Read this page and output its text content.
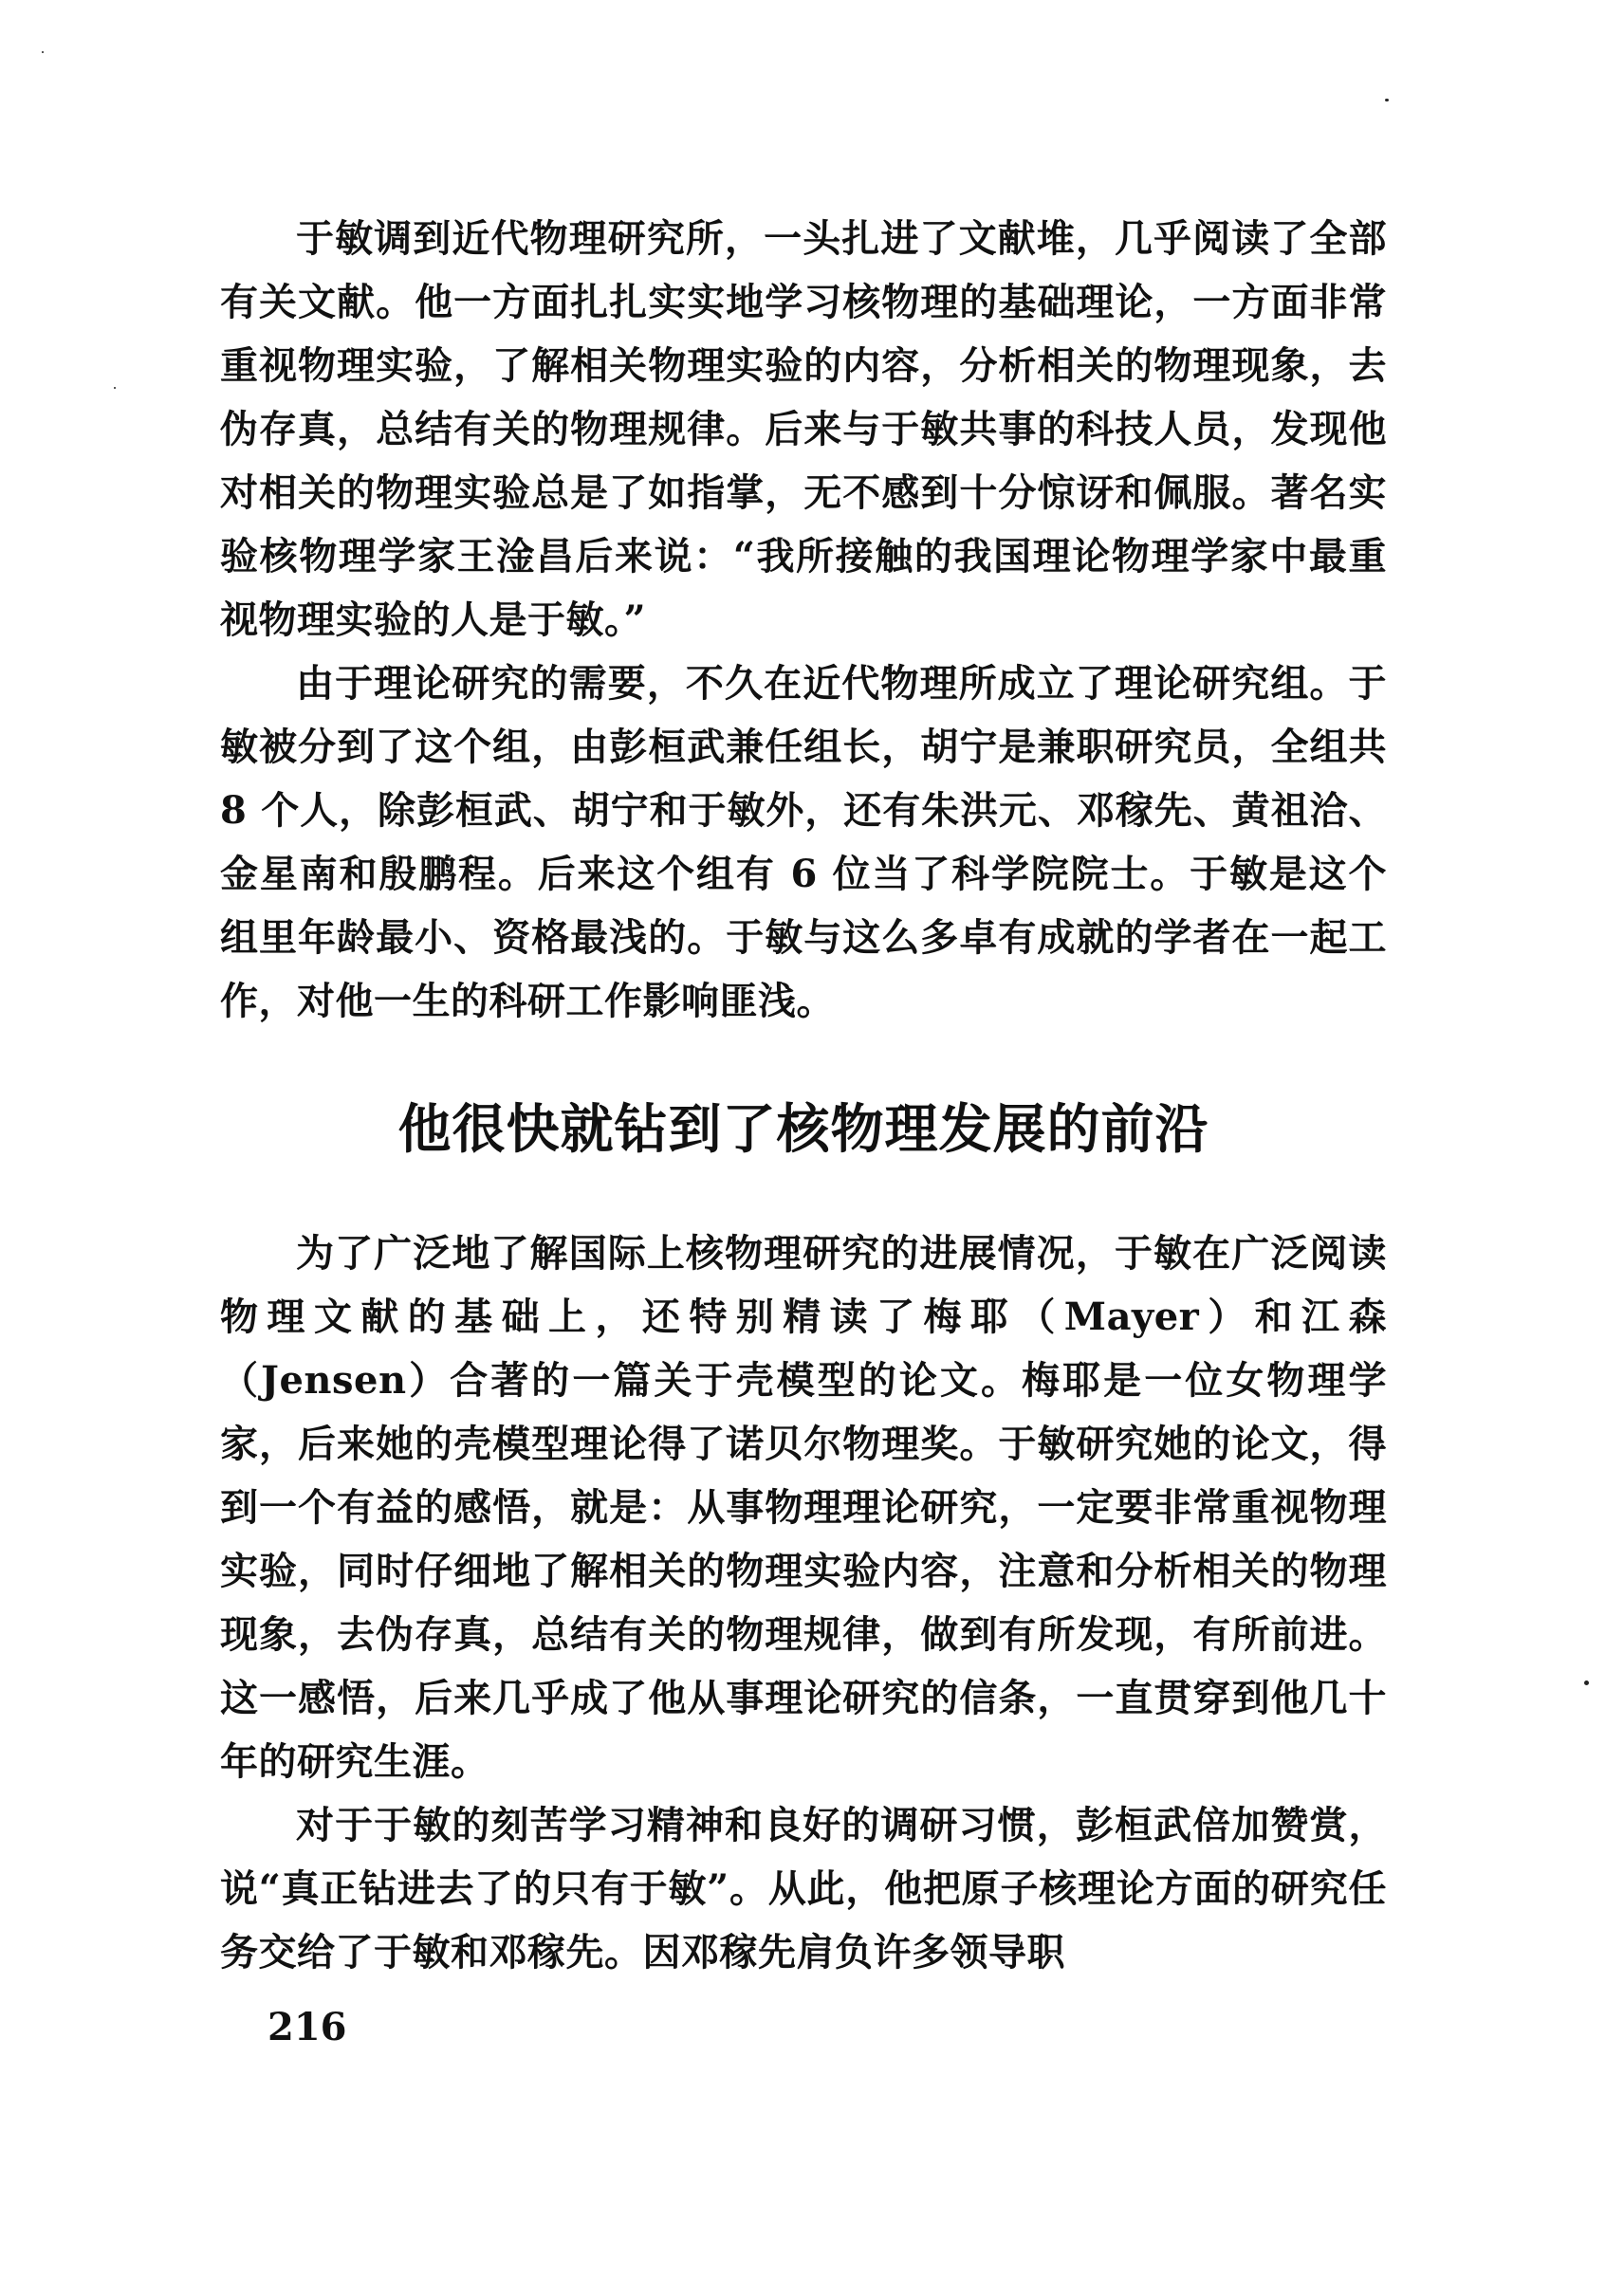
于敏调到近代物理研究所，一头扎进了文献堆，几乎阅读了全部有关文献。他一方面扎扎实实地学习核物理的基础理论，一方面非常重视物理实验，了解相关物理实验的内容，分析相关的物理现象，去伪存真，总结有关的物理规律。后来与于敏共事的科技人员，发现他对相关的物理实验总是了如指掌，无不感到十分惊讶和佩服。著名实验核物理学家王淦昌后来说：“我所接触的我国理论物理学家中最重视物理实验的人是于敏。”

由于理论研究的需要，不久在近代物理所成立了理论研究组。于敏被分到了这个组，由彭桓武兼任组长，胡宁是兼职研究员，全组共 8 个人，除彭桓武、胡宁和于敏外，还有朱洪元、邓稼先、黄祖洽、金星南和殷鹏程。后来这个组有 6 位当了科学院院士。于敏是这个组里年龄最小、资格最浅的。于敏与这么多卓有成就的学者在一起工作，对他一生的科研工作影响匪浅。

他很快就钻到了核物理发展的前沿

为了广泛地了解国际上核物理研究的进展情况，于敏在广泛阅读物理文献的基础上，还特别精读了梅耶（Mayer）和江森（Jensen）合著的一篇关于壳模型的论文。梅耶是一位女物理学家，后来她的壳模型理论得了诺贝尔物理奖。于敏研究她的论文，得到一个有益的感悟，就是：从事物理理论研究，一定要非常重视物理实验，同时仔细地了解相关的物理实验内容，注意和分析相关的物理现象，去伪存真，总结有关的物理规律，做到有所发现，有所前进。这一感悟，后来几乎成了他从事理论研究的信条，一直贯穿到他几十年的研究生涯。

对于于敏的刻苦学习精神和良好的调研习惯，彭桓武倍加赞赏，说“真正钻进去了的只有于敏”。从此，他把原子核理论方面的研究任务交给了于敏和邓稼先。因邓稼先肩负许多领导职

216
